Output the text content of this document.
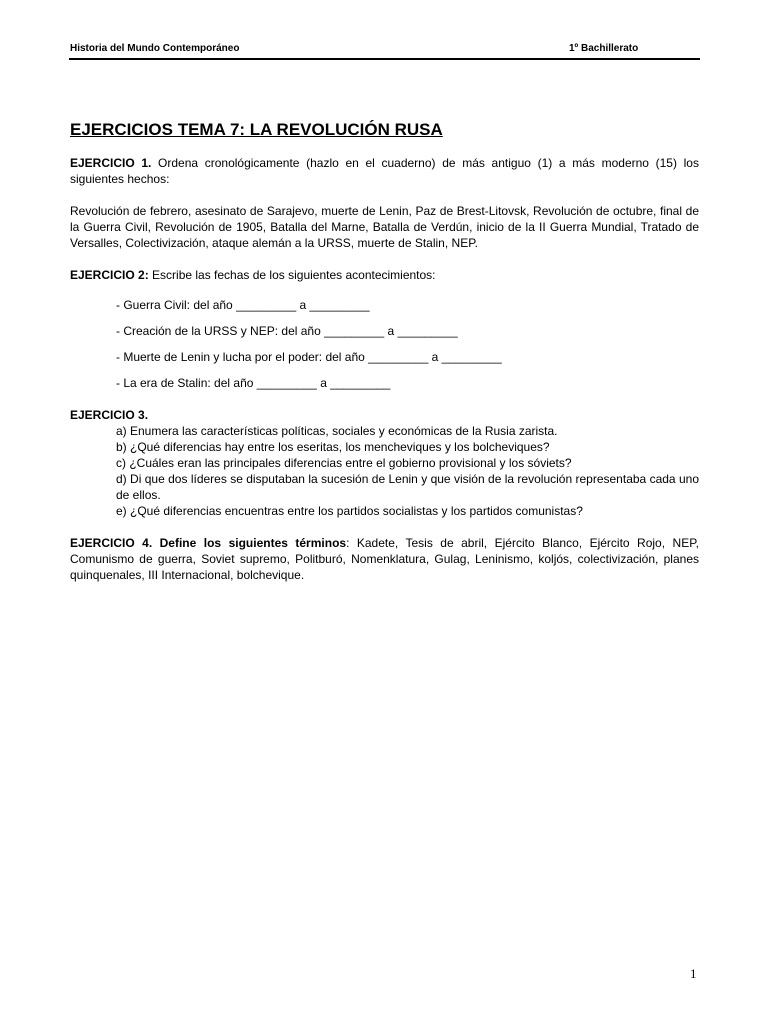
Historia del Mundo Contemporáneo	1º Bachillerato
EJERCICIOS TEMA 7: LA REVOLUCIÓN RUSA

EJERCICIO 1. Ordena cronológicamente (hazlo en el cuaderno) de más antiguo (1) a más moderno (15) los siguientes hechos:

Revolución de febrero, asesinato de Sarajevo, muerte de Lenin, Paz de Brest-Litovsk, Revolución de octubre, final de la Guerra Civil, Revolución de 1905, Batalla del Marne, Batalla de Verdún, inicio de la II Guerra Mundial, Tratado de Versalles, Colectivización, ataque alemán a la URSS, muerte de Stalin, NEP.

EJERCICIO 2: Escribe las fechas de los siguientes acontecimientos:

- Guerra Civil: del año _________ a _________
- Creación de la URSS y NEP: del año _________ a _________
- Muerte de Lenin y lucha por el poder: del año _________ a _________
- La era de Stalin: del año _________ a _________

EJERCICIO 3.

a) Enumera las características políticas, sociales y económicas de la Rusia zarista.
b) ¿Qué diferencias hay entre los eseritas, los mencheviques y los bolcheviques?
c) ¿Cuáles eran las principales diferencias entre el gobierno provisional y los sóviets?
d) Di que dos líderes se disputaban la sucesión de Lenin y que visión de la revolución representaba cada uno de ellos.
e) ¿Qué diferencias encuentras entre los partidos socialistas y los partidos comunistas?

EJERCICIO 4. Define los siguientes términos: Kadete, Tesis de abril, Ejército Blanco, Ejército Rojo, NEP, Comunismo de guerra, Soviet supremo, Politburó, Nomenklatura, Gulag, Leninismo, koljós, colectivización, planes quinquenales, III Internacional, bolchevique.

1
